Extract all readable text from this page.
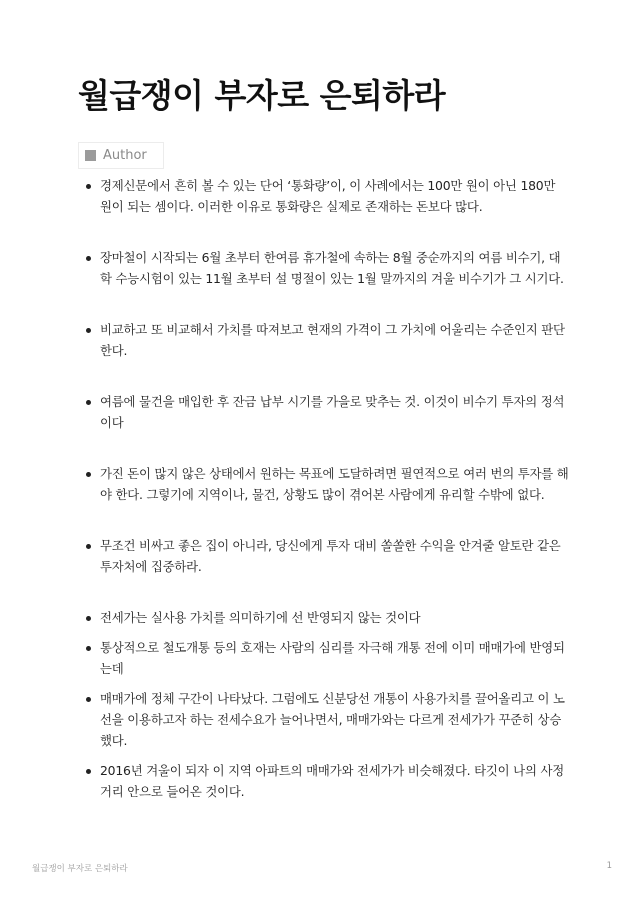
월급쟁이 부자로 은퇴하라
Author
경제신문에서 흔히 볼 수 있는 단어 ‘통화량’이, 이 사례에서는 100만 원이 아닌 180만 원이 되는 셈이다. 이러한 이유로 통화량은 실제로 존재하는 돈보다 많다.
장마철이 시작되는 6월 초부터 한여름 휴가철에 속하는 8월 중순까지의 여름 비수기, 대학 수능시험이 있는 11월 초부터 설 명절이 있는 1월 말까지의 겨울 비수기가 그 시기다.
비교하고 또 비교해서 가치를 따져보고 현재의 가격이 그 가치에 어울리는 수준인지 판단한다.
여름에 물건을 매입한 후 잔금 납부 시기를 가을로 맞추는 것. 이것이 비수기 투자의 정석이다
가진 돈이 많지 않은 상태에서 원하는 목표에 도달하려면 필연적으로 여러 번의 투자를 해야 한다. 그렇기에 지역이나, 물건, 상황도 많이 겪어본 사람에게 유리할 수밖에 없다.
무조건 비싸고 좋은 집이 아니라, 당신에게 투자 대비 쏠쏠한 수익을 안겨줄 알토란 같은 투자처에 집중하라.
전세가는 실사용 가치를 의미하기에 선 반영되지 않는 것이다
통상적으로 철도개통 등의 호재는 사람의 심리를 자극해 개통 전에 이미 매매가에 반영되는데
매매가에 정체 구간이 나타났다. 그럼에도 신분당선 개통이 사용가치를 끌어올리고 이 노선을 이용하고자 하는 전세수요가 늘어나면서, 매매가와는 다르게 전세가가 꾸준히 상승했다.
2016년 겨울이 되자 이 지역 아파트의 매매가와 전세가가 비슷해졌다. 타깃이 나의 사정거리 안으로 들어온 것이다.
월급쟁이 부자로 은퇴하라	1
